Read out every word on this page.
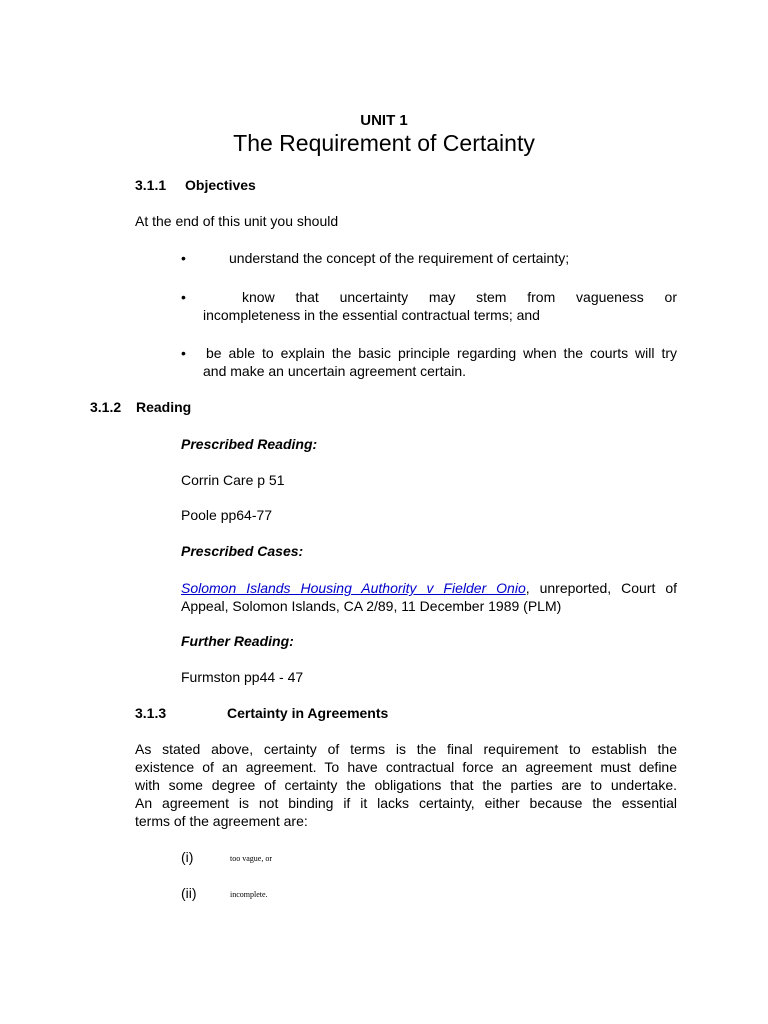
UNIT 1
The Requirement of Certainty
3.1.1 Objectives
At the end of this unit you should
•	understand the concept of the requirement of certainty;
•	know that uncertainty may stem from vagueness or
incompleteness in the essential contractual terms; and
• be able to explain the basic principle regarding when the courts will try
and make an uncertain agreement certain.
3.1.2 Reading
Prescribed Reading:
Corrin Care p 51
Poole pp64-77
Prescribed Cases:
Solomon Islands Housing Authority v Fielder Onio, unreported, Court of
Appeal, Solomon Islands, CA 2/89, 11 December 1989 (PLM)
Further Reading:
Furmston pp44 - 47
3.1.3	Certainty in Agreements
As stated above, certainty of terms is the final requirement to establish the
existence of an agreement. To have contractual force an agreement must define
with some degree of certainty the obligations that the parties are to undertake.
An agreement is not binding if it lacks certainty, either because the essential
terms of the agreement are:
(i)	too vague, or
(ii)	incomplete.
